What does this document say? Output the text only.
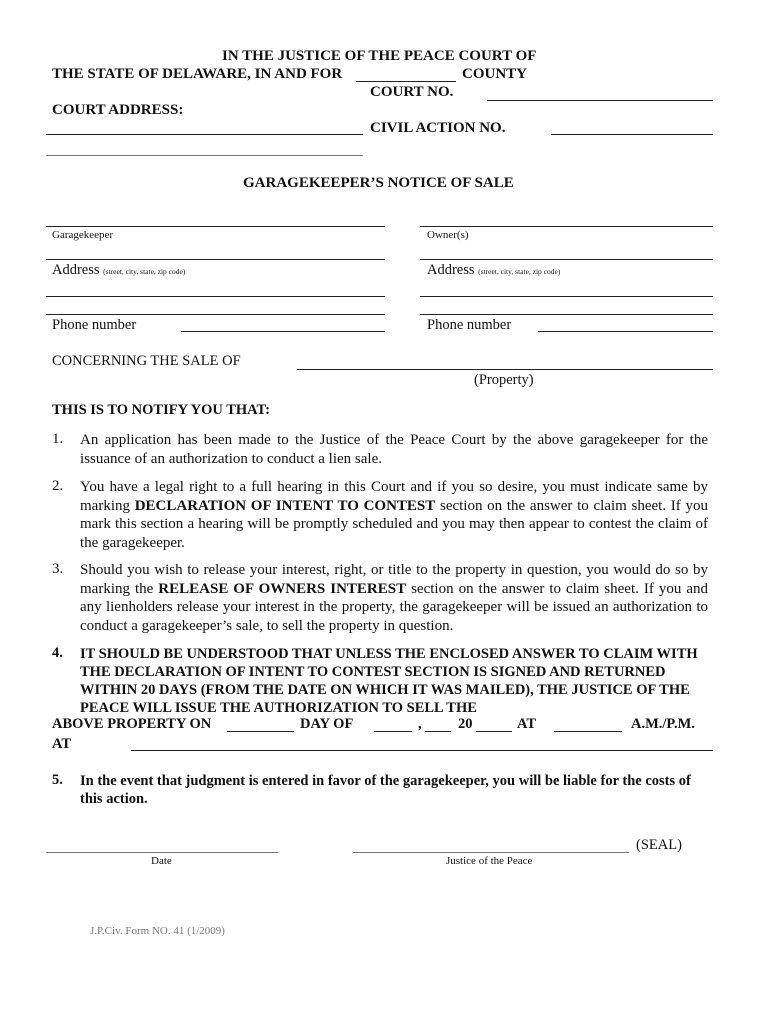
IN THE JUSTICE OF THE PEACE COURT OF
THE STATE OF DELAWARE, IN AND FOR	COUNTY
COURT NO.
COURT ADDRESS:
CIVIL ACTION NO.
GARAGEKEEPER’S NOTICE OF SALE
Garagekeeper	Owner(s)
Address (street, city, state, zip code)	Address (street, city, state, zip code)
Phone number	Phone number
CONCERNING THE SALE OF
(Property)
THIS IS TO NOTIFY YOU THAT:
1. An application has been made to the Justice of the Peace Court by the above garagekeeper for the issuance of an authorization to conduct a lien sale.
2. You have a legal right to a full hearing in this Court and if you so desire, you must indicate same by marking DECLARATION OF INTENT TO CONTEST section on the answer to claim sheet. If you mark this section a hearing will be promptly scheduled and you may then appear to contest the claim of the garagekeeper.
3. Should you wish to release your interest, right, or title to the property in question, you would do so by marking the RELEASE OF OWNERS INTEREST section on the answer to claim sheet. If you and any lienholders release your interest in the property, the garagekeeper will be issued an authorization to conduct a garagekeeper’s sale, to sell the property in question.
4. IT SHOULD BE UNDERSTOOD THAT UNLESS THE ENCLOSED ANSWER TO CLAIM WITH THE DECLARATION OF INTENT TO CONTEST SECTION IS SIGNED AND RETURNED WITHIN 20 DAYS (FROM THE DATE ON WHICH IT WAS MAILED), THE JUSTICE OF THE PEACE WILL ISSUE THE AUTHORIZATION TO SELL THE
ABOVE PROPERTY ON	DAY OF	,	20	AT	A.M./P.M.
AT
5. In the event that judgment is entered in favor of the garagekeeper, you will be liable for the costs of this action.
Date	Justice of the Peace
(SEAL)
J.P.Civ. Form NO. 41 (1/2009)
